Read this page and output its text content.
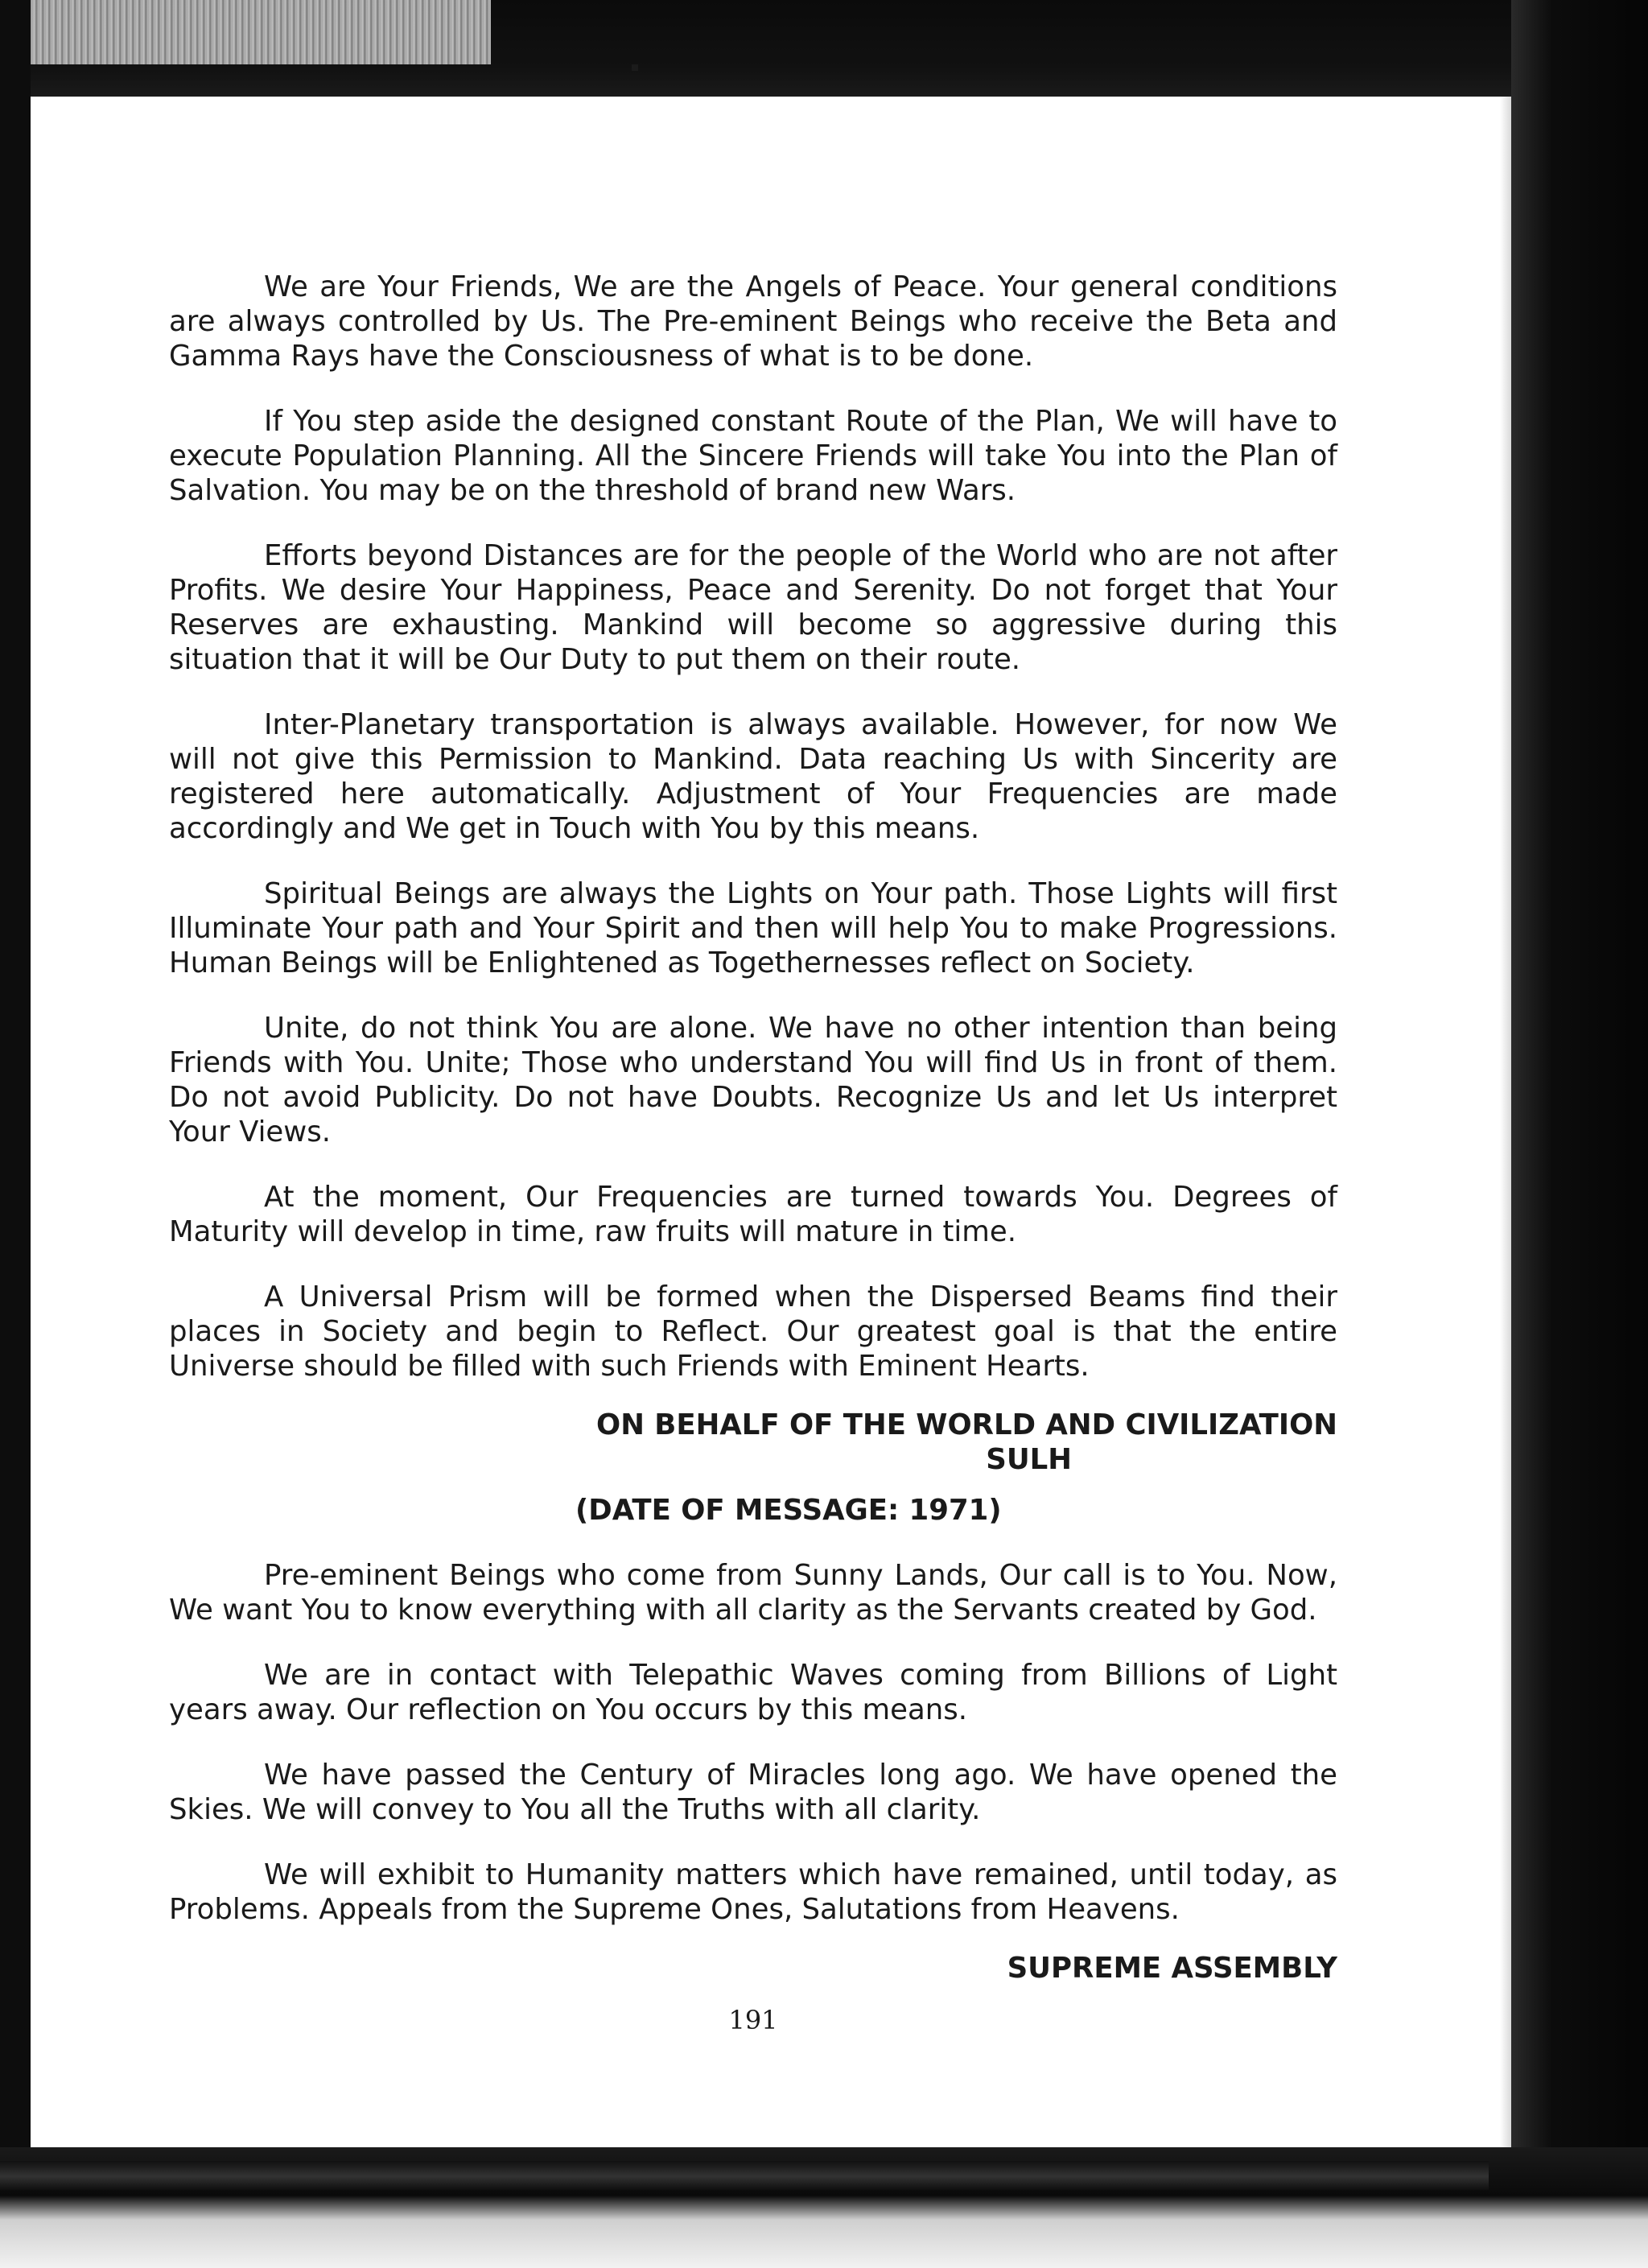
We are Your Friends, We are the Angels of Peace. Your general conditions are always controlled by Us. The Pre-eminent Beings who receive the Beta and Gamma Rays have the Consciousness of what is to be done.

If You step aside the designed constant Route of the Plan, We will have to execute Population Planning. All the Sincere Friends will take You into the Plan of Salvation. You may be on the threshold of brand new Wars.

Efforts beyond Distances are for the people of the World who are not after Profits. We desire Your Happiness, Peace and Serenity. Do not forget that Your Reserves are exhausting. Mankind will become so aggressive during this situation that it will be Our Duty to put them on their route.

Inter-Planetary transportation is always available. However, for now We will not give this Permission to Mankind. Data reaching Us with Sincerity are registered here automatically. Adjustment of Your Frequencies are made accordingly and We get in Touch with You by this means.

Spiritual Beings are always the Lights on Your path. Those Lights will first Illuminate Your path and Your Spirit and then will help You to make Progressions. Human Beings will be Enlightened as Togethernesses reflect on Society.

Unite, do not think You are alone. We have no other intention than being Friends with You. Unite; Those who understand You will find Us in front of them. Do not avoid Publicity. Do not have Doubts. Recognize Us and let Us interpret Your Views.

At the moment, Our Frequencies are turned towards You. Degrees of Maturity will develop in time, raw fruits will mature in time.

A Universal Prism will be formed when the Dispersed Beams find their places in Society and begin to Reflect. Our greatest goal is that the entire Universe should be filled with such Friends with Eminent Hearts.

ON BEHALF OF THE WORLD AND CIVILIZATION
SULH
(DATE OF MESSAGE: 1971)

Pre-eminent Beings who come from Sunny Lands, Our call is to You. Now, We want You to know everything with all clarity as the Servants created by God.

We are in contact with Telepathic Waves coming from Billions of Light years away. Our reflection on You occurs by this means.

We have passed the Century of Miracles long ago. We have opened the Skies. We will convey to You all the Truths with all clarity.

We will exhibit to Humanity matters which have remained, until today, as Problems. Appeals from the Supreme Ones, Salutations from Heavens.

SUPREME ASSEMBLY
191
